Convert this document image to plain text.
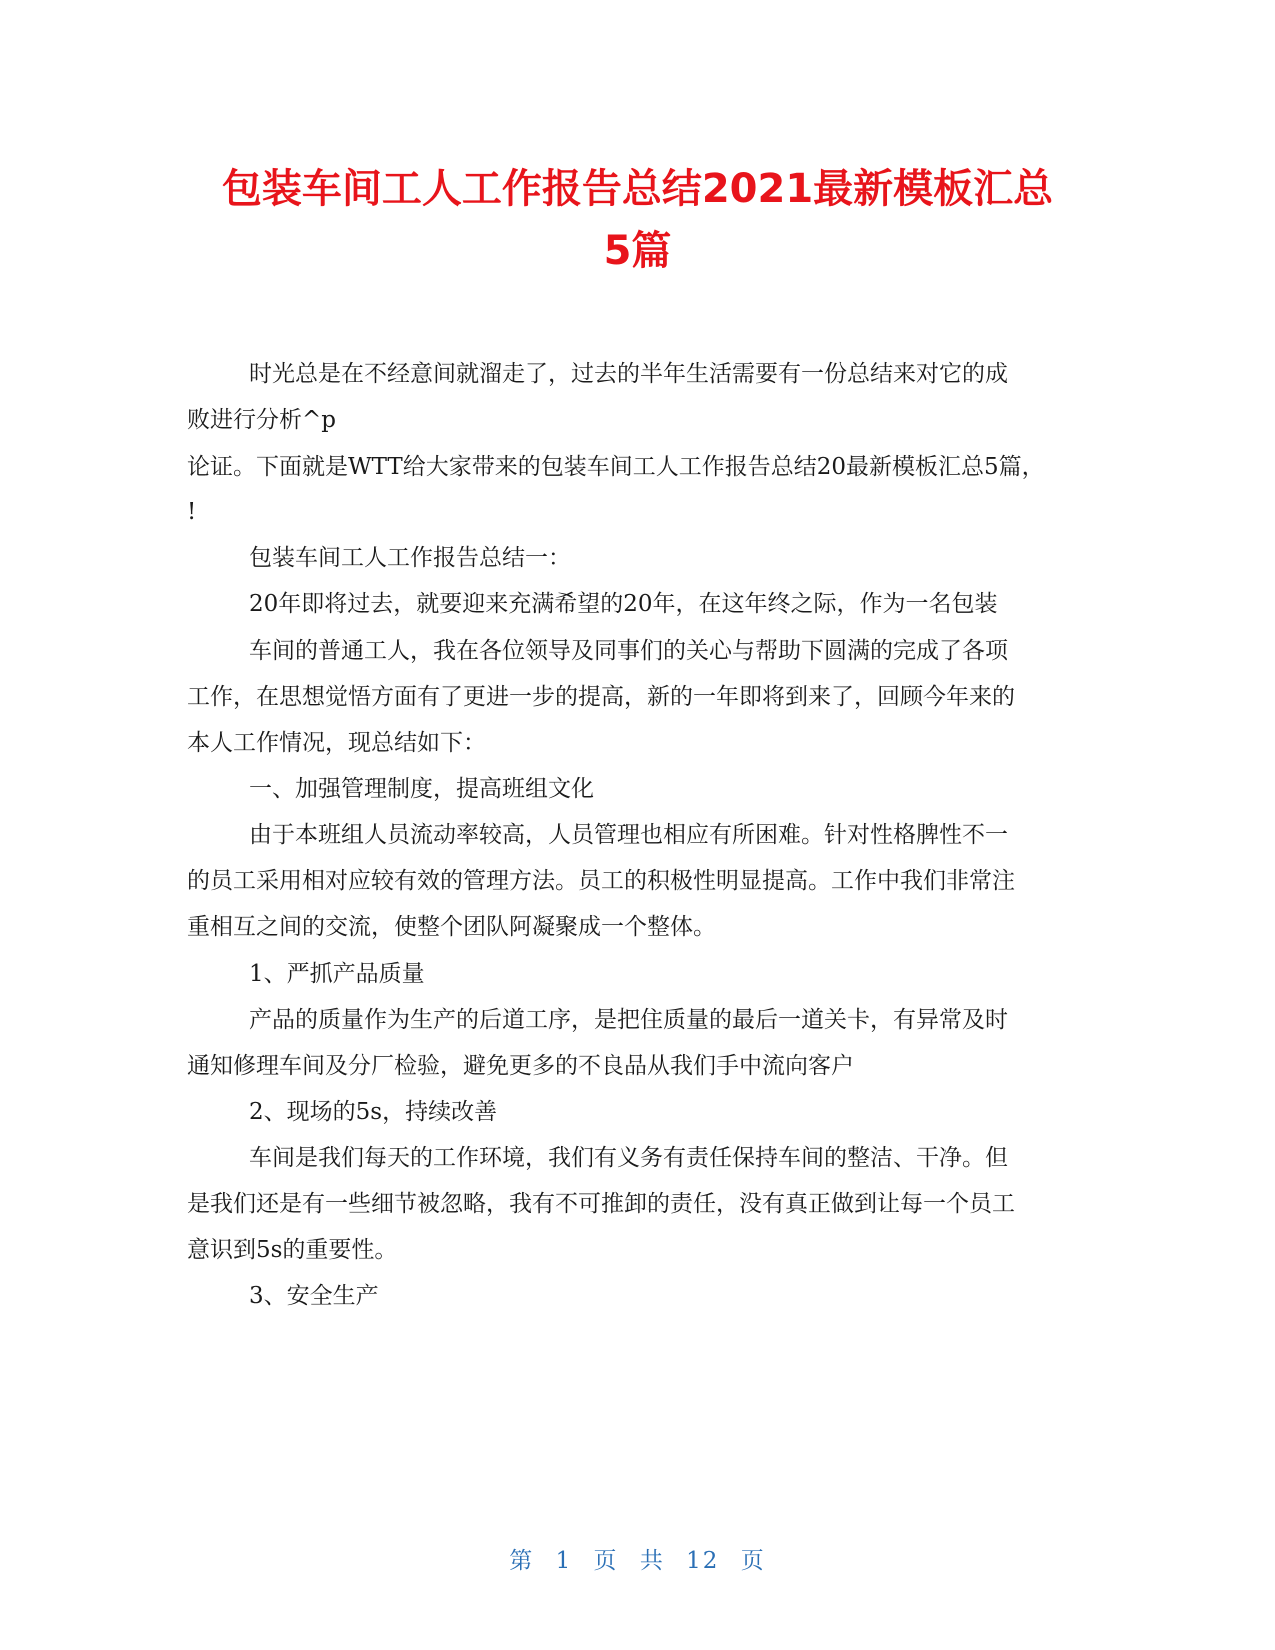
包装车间工人工作报告总结2021最新模板汇总
5篇
时光总是在不经意间就溜走了，过去的半年生活需要有一份总结来对它的成
败进行分析^p
论证。下面就是WTT给大家带来的包装车间工人工作报告总结20最新模板汇总5篇，
!
包装车间工人工作报告总结一：
20年即将过去，就要迎来充满希望的20年，在这年终之际，作为一名包装
车间的普通工人，我在各位领导及同事们的关心与帮助下圆满的完成了各项
工作，在思想觉悟方面有了更进一步的提高，新的一年即将到来了，回顾今年来的
本人工作情况，现总结如下：
一、加强管理制度，提高班组文化
由于本班组人员流动率较高，人员管理也相应有所困难。针对性格脾性不一
的员工采用相对应较有效的管理方法。员工的积极性明显提高。工作中我们非常注
重相互之间的交流，使整个团队阿凝聚成一个整体。
1、严抓产品质量
产品的质量作为生产的后道工序，是把住质量的最后一道关卡，有异常及时
通知修理车间及分厂检验，避免更多的不良品从我们手中流向客户
2、现场的5s，持续改善
车间是我们每天的工作环境，我们有义务有责任保持车间的整洁、干净。但
是我们还是有一些细节被忽略，我有不可推卸的责任，没有真正做到让每一个员工
意识到5s的重要性。
3、安全生产
第 1 页 共 12 页
